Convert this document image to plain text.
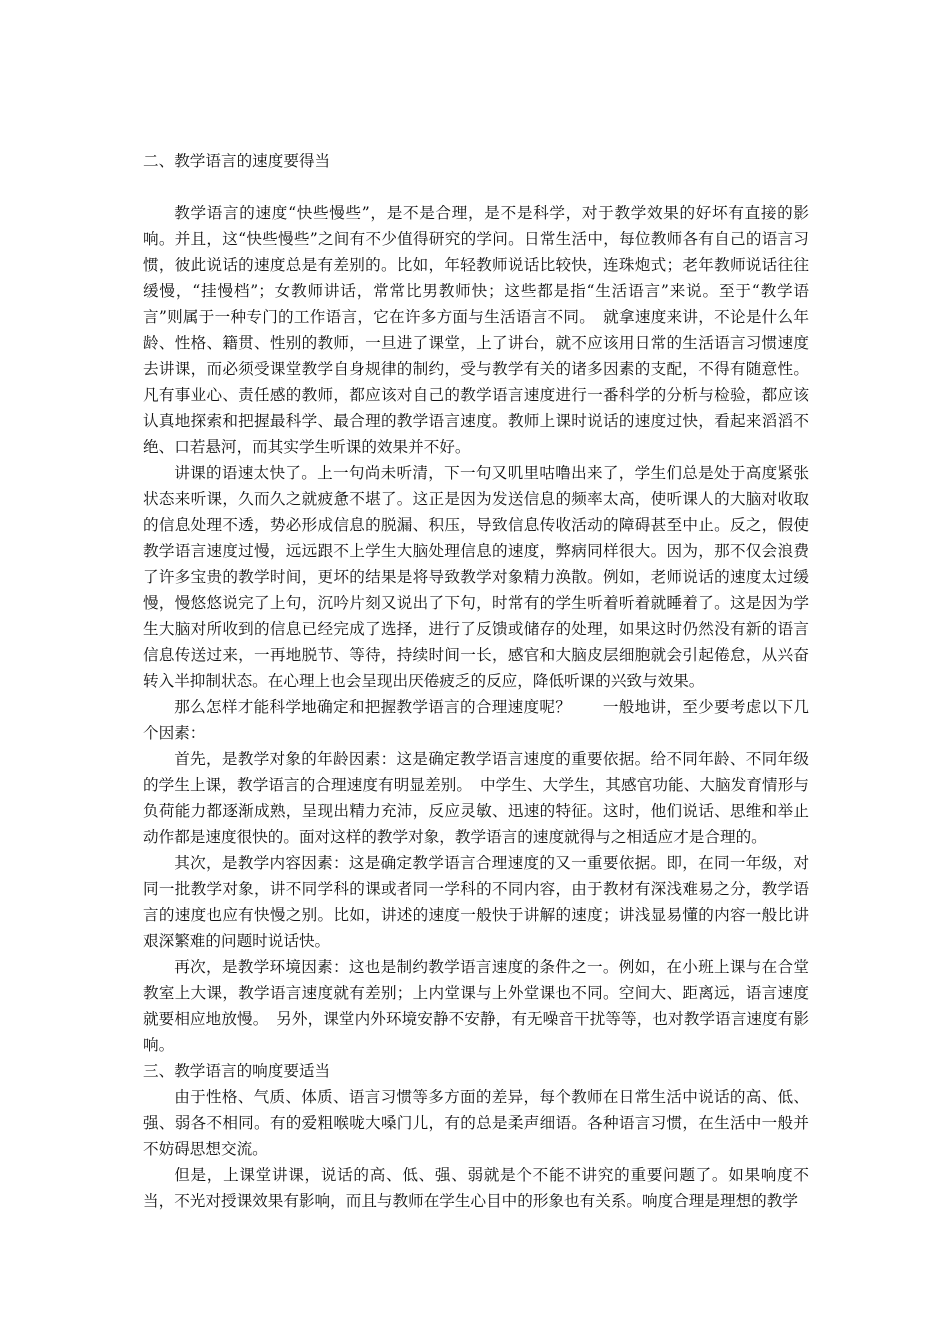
二、教学语言的速度要得当

教学语言的速度“快些慢些”，是不是合理，是不是科学，对于教学效果的好坏有直接的影响。并且，这“快些慢些”之间有不少值得研究的学问。日常生活中，每位教师各有自己的语言习惯，彼此说话的速度总是有差别的。比如，年轻教师说话比较快，连珠炮式；老年教师说话往往缓慢，“挂慢档”；女教师讲话，常常比男教师快；这些都是指“生活语言”来说。至于“教学语言”则属于一种专门的工作语言，它在许多方面与生活语言不同。　就拿速度来讲，不论是什么年龄、性格、籍贯、性别的教师，一旦进了课堂，上了讲台，就不应该用日常的生活语言习惯速度去讲课，而必须受课堂教学自身规律的制约，受与教学有关的诸多因素的支配，不得有随意性。凡有事业心、责任感的教师，都应该对自己的教学语言速度进行一番科学的分析与检验，都应该认真地探索和把握最科学、最合理的教学语言速度。教师上课时说话的速度过快，看起来滔滔不绝、口若悬河，而其实学生听课的效果并不好。

讲课的语速太快了。上一句尚未听清，下一句又叽里咕噜出来了，学生们总是处于高度紧张状态来听课，久而久之就疲惫不堪了。这正是因为发送信息的频率太高，使听课人的大脑对收取的信息处理不透，势必形成信息的脱漏、积压，导致信息传收活动的障碍甚至中止。反之，假使教学语言速度过慢，远远跟不上学生大脑处理信息的速度，弊病同样很大。因为，那不仅会浪费了许多宝贵的教学时间，更坏的结果是将导致教学对象精力涣散。例如，老师说话的速度太过缓慢，慢悠悠说完了上句，沉吟片刻又说出了下句，时常有的学生听着听着就睡着了。这是因为学生大脑对所收到的信息已经完成了选择，进行了反馈或储存的处理，如果这时仍然没有新的语言信息传送过来，一再地脱节、等待，持续时间一长，感官和大脑皮层细胞就会引起倦怠，从兴奋转入半抑制状态。在心理上也会呈现出厌倦疲乏的反应，降低听课的兴致与效果。

那么怎样才能科学地确定和把握教学语言的合理速度呢？　　一般地讲，至少要考虑以下几个因素：

首先，是教学对象的年龄因素：这是确定教学语言速度的重要依据。给不同年龄、不同年级的学生上课，教学语言的合理速度有明显差别。　中学生、大学生，其感官功能、大脑发育情形与负荷能力都逐渐成熟，呈现出精力充沛，反应灵敏、迅速的特征。这时，他们说话、思维和举止动作都是速度很快的。面对这样的教学对象，教学语言的速度就得与之相适应才是合理的。

其次，是教学内容因素：这是确定教学语言合理速度的又一重要依据。即，在同一年级，对同一批教学对象，讲不同学科的课或者同一学科的不同内容，由于教材有深浅难易之分，教学语言的速度也应有快慢之别。比如，讲述的速度一般快于讲解的速度；讲浅显易懂的内容一般比讲艰深繁难的问题时说话快。

再次，是教学环境因素：这也是制约教学语言速度的条件之一。例如，在小班上课与在合堂教室上大课，教学语言速度就有差别；上内堂课与上外堂课也不同。空间大、距离远，语言速度就要相应地放慢。　另外，课堂内外环境安静不安静，有无噪音干扰等等，也对教学语言速度有影响。

三、教学语言的响度要适当

由于性格、气质、体质、语言习惯等多方面的差异，每个教师在日常生活中说话的高、低、强、弱各不相同。有的爱粗喉咙大嗓门儿，有的总是柔声细语。各种语言习惯，在生活中一般并不妨碍思想交流。

但是，上课堂讲课，说话的高、低、强、弱就是个不能不讲究的重要问题了。如果响度不当，不光对授课效果有影响，而且与教师在学生心目中的形象也有关系。响度合理是理想的教学
